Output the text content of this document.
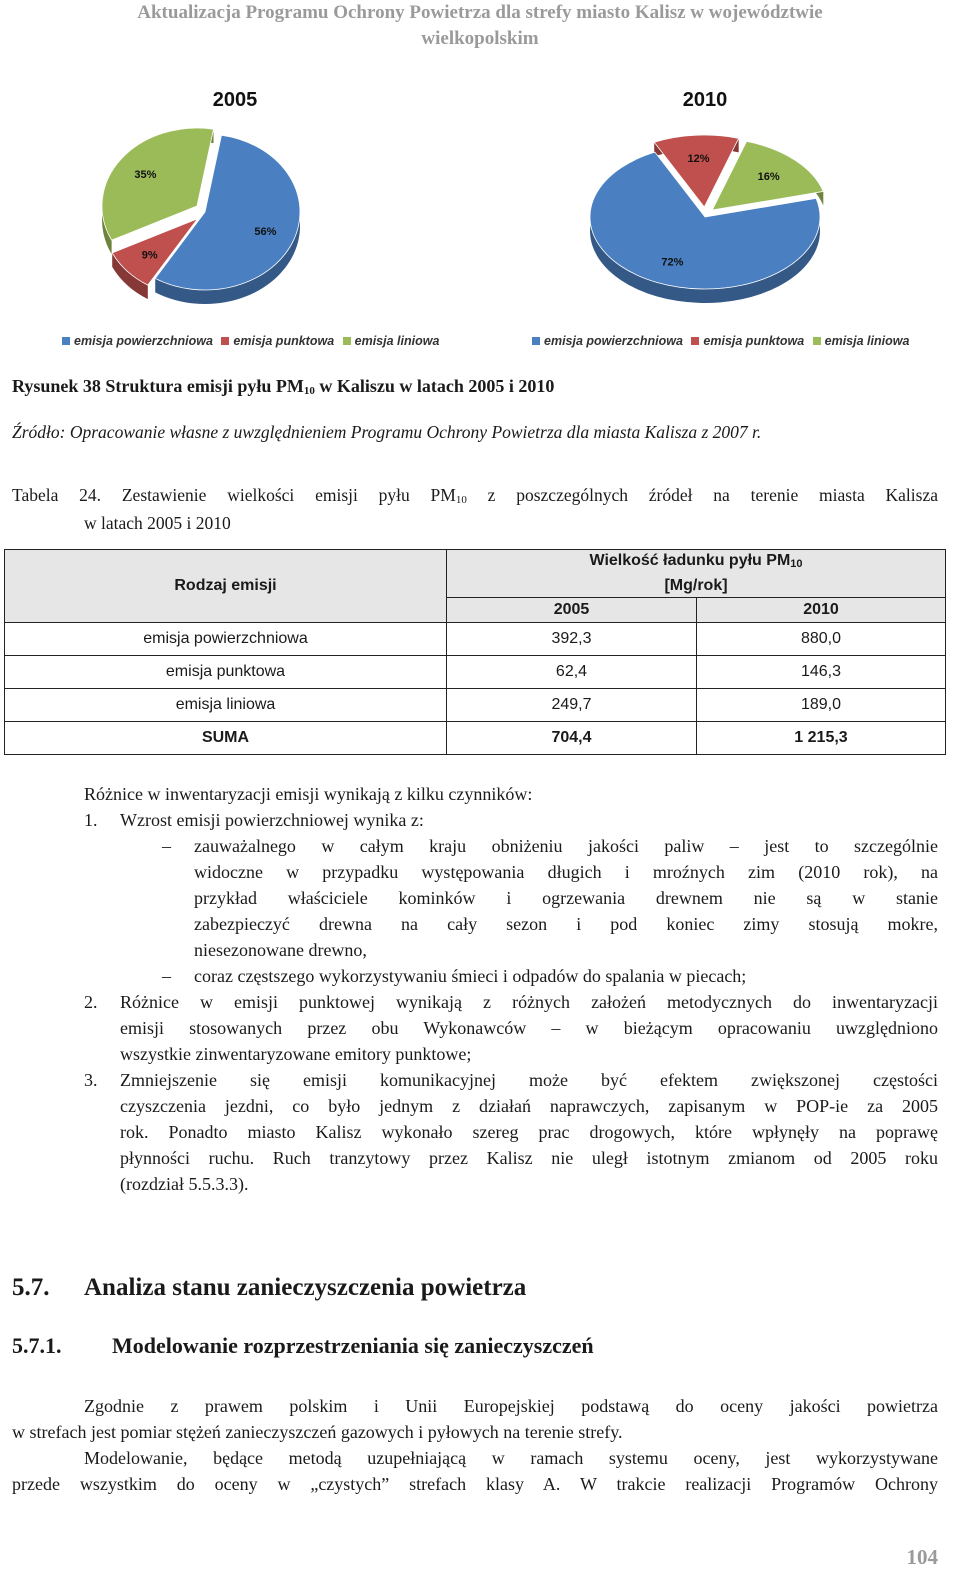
Aktualizacja Programu Ochrony Powietrza dla strefy miasto Kalisz w województwie
wielkopolskim
2005
56%
9%
35%
2010
72%
12%
16%
emisja powierzchniowa emisja punktowa emisja liniowa	emisja powierzchniowa emisja punktowa emisja liniowa
Rysunek 38 Struktura emisji pyłu $PM_{10}$ w Kaliszu w latach 2005 i 2010
Źródło: Opracowanie własne z uwzględnieniem Programu Ochrony Powietrza dla miasta Kalisza z 2007 r.
Tabela 24. Zestawienie wielkości emisji pyłu $PM_{10}$ z poszczególnych źródeł na terenie miasta Kalisza
w latach 2005 i 2010
Rodzaj emisji	Wielkość ładunku pyłu $PM_{10}$
[Mg/rok]	
	2005	2010
emisja powierzchniowa	392,3	880,0
emisja punktowa	62,4	146,3
emisja liniowa	249,7	189,0
SUMA	704,4	1 215,3
Różnice w inwentaryzacji emisji wynikają z kilku czynników:
1. Wzrost emisji powierzchniowej wynika z:
– zauważalnego w całym kraju obniżeniu jakości paliw – jest to szczególnie
widoczne w przypadku występowania długich i mroźnych zim (2010 rok), na
przykład właściciele kominków i ogrzewania drewnem nie są w stanie
zabezpieczyć drewna na cały sezon i pod koniec zimy stosują mokre,
niesezonowane drewno,
– coraz częstszego wykorzystywaniu śmieci i odpadów do spalania w piecach;
2. Różnice w emisji punktowej wynikają z różnych założeń metodycznych do inwentaryzacji
emisji stosowanych przez obu Wykonawców – w bieżącym opracowaniu uwzględniono
wszystkie zinwentaryzowane emitory punktowe;
3. Zmniejszenie się emisji komunikacyjnej może być efektem zwiększonej częstości
czyszczenia jezdni, co było jednym z działań naprawczych, zapisanym w POP-ie za 2005
rok. Ponadto miasto Kalisz wykonało szereg prac drogowych, które wpłynęły na poprawę
płynności ruchu. Ruch tranzytowy przez Kalisz nie uległ istotnym zmianom od 2005 roku
(rozdział 5.5.3.3).
5.7. Analiza stanu zanieczyszczenia powietrza
5.7.1. Modelowanie rozprzestrzeniania się zanieczyszczeń
Zgodnie z prawem polskim i Unii Europejskiej podstawą do oceny jakości powietrza
w strefach jest pomiar stężeń zanieczyszczeń gazowych i pyłowych na terenie strefy.
Modelowanie, będące metodą uzupełniającą w ramach systemu oceny, jest wykorzystywane
przede wszystkim do oceny w „czystych” strefach klasy A. W trakcie realizacji Programów Ochrony
104
